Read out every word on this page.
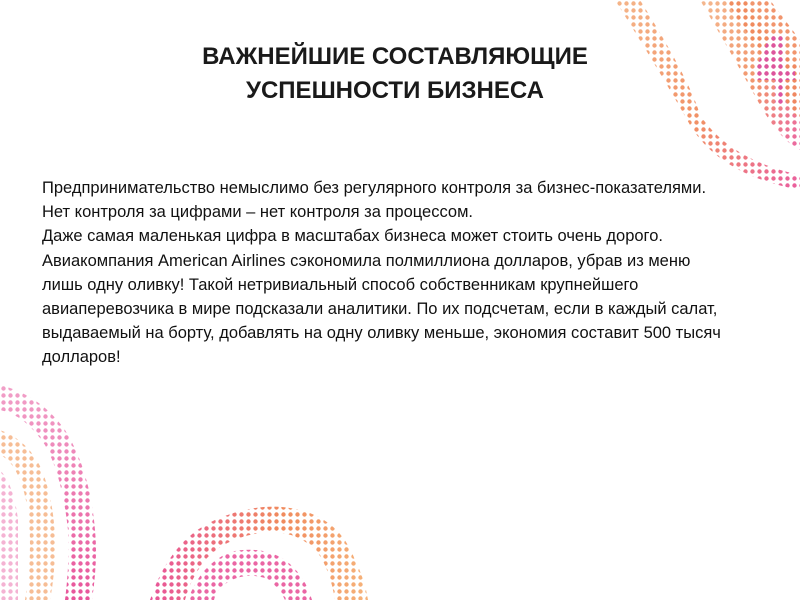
ВАЖНЕЙШИЕ СОСТАВЛЯЮЩИЕ
УСПЕШНОСТИ БИЗНЕСА

Предпринимательство немыслимо без регулярного контроля за бизнес-показателями.

Нет контроля за цифрами – нет контроля за процессом.

Даже самая маленькая цифра в масштабах бизнеса может стоить очень дорого.

Авиакомпания American Airlines сэкономила полмиллиона долларов, убрав из меню лишь одну оливку! Такой нетривиальный способ собственникам крупнейшего авиаперевозчика в мире подсказали аналитики. По их подсчетам, если в каждый салат, выдаваемый на борту, добавлять на одну оливку меньше, экономия составит 500 тысяч долларов!
